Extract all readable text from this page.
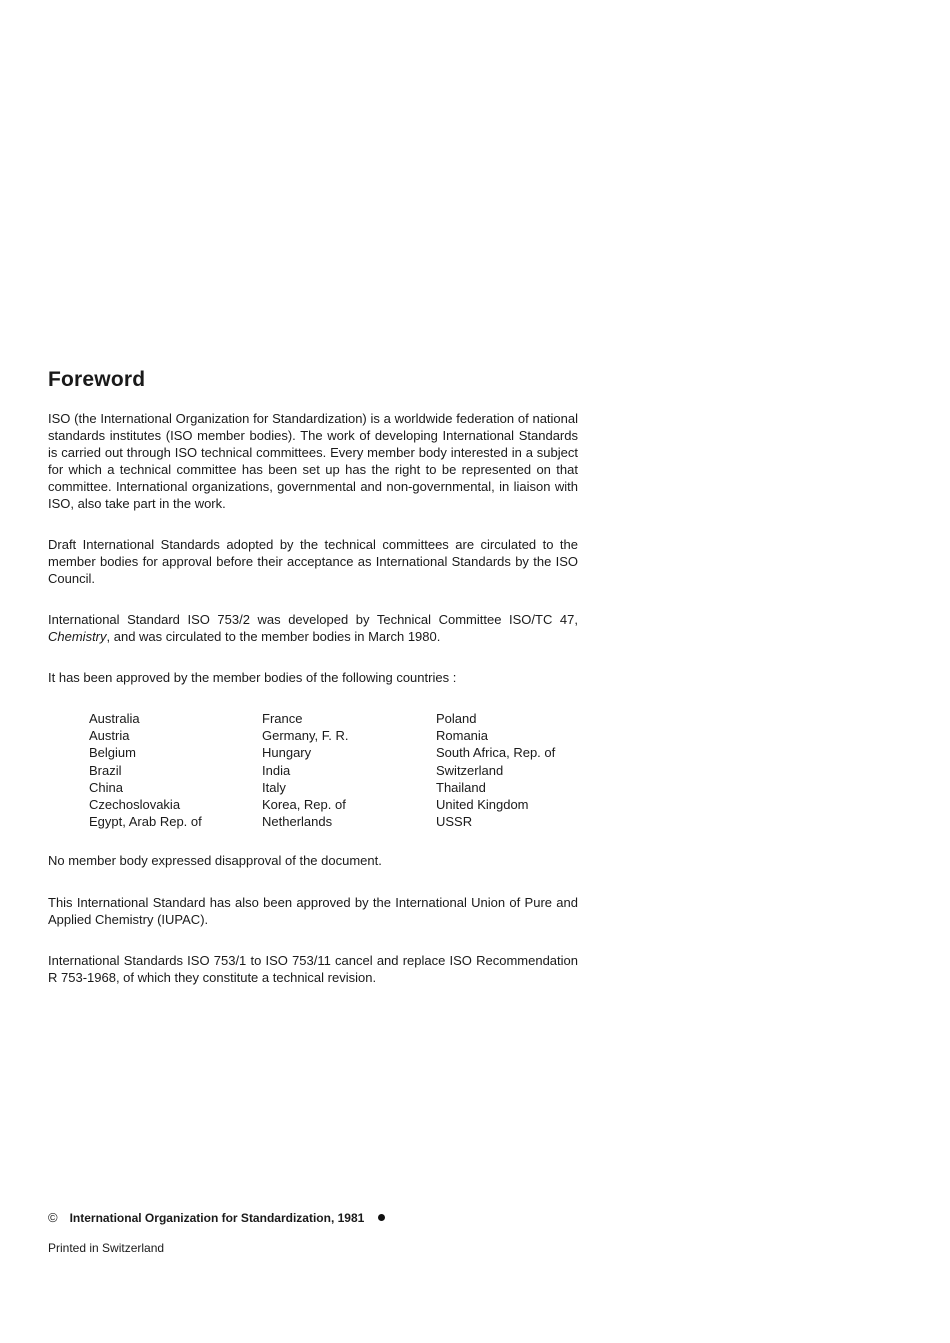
Foreword

ISO (the International Organization for Standardization) is a worldwide federation of national standards institutes (ISO member bodies). The work of developing International Standards is carried out through ISO technical committees. Every member body interested in a subject for which a technical committee has been set up has the right to be represented on that committee. International organizations, governmental and non-governmental, in liaison with ISO, also take part in the work.

Draft International Standards adopted by the technical committees are circulated to the member bodies for approval before their acceptance as International Standards by the ISO Council.

International Standard ISO 753/2 was developed by Technical Committee ISO/TC 47, Chemistry, and was circulated to the member bodies in March 1980.

It has been approved by the member bodies of the following countries :

Australia
Austria
Belgium
Brazil
China
Czechoslovakia
Egypt, Arab Rep. of
France
Germany, F. R.
Hungary
India
Italy
Korea, Rep. of
Netherlands
Poland
Romania
South Africa, Rep. of
Switzerland
Thailand
United Kingdom
USSR

No member body expressed disapproval of the document.

This International Standard has also been approved by the International Union of Pure and Applied Chemistry (IUPAC).

International Standards ISO 753/1 to ISO 753/11 cancel and replace ISO Recommendation R 753-1968, of which they constitute a technical revision.

© International Organization for Standardization, 1981
Printed in Switzerland
